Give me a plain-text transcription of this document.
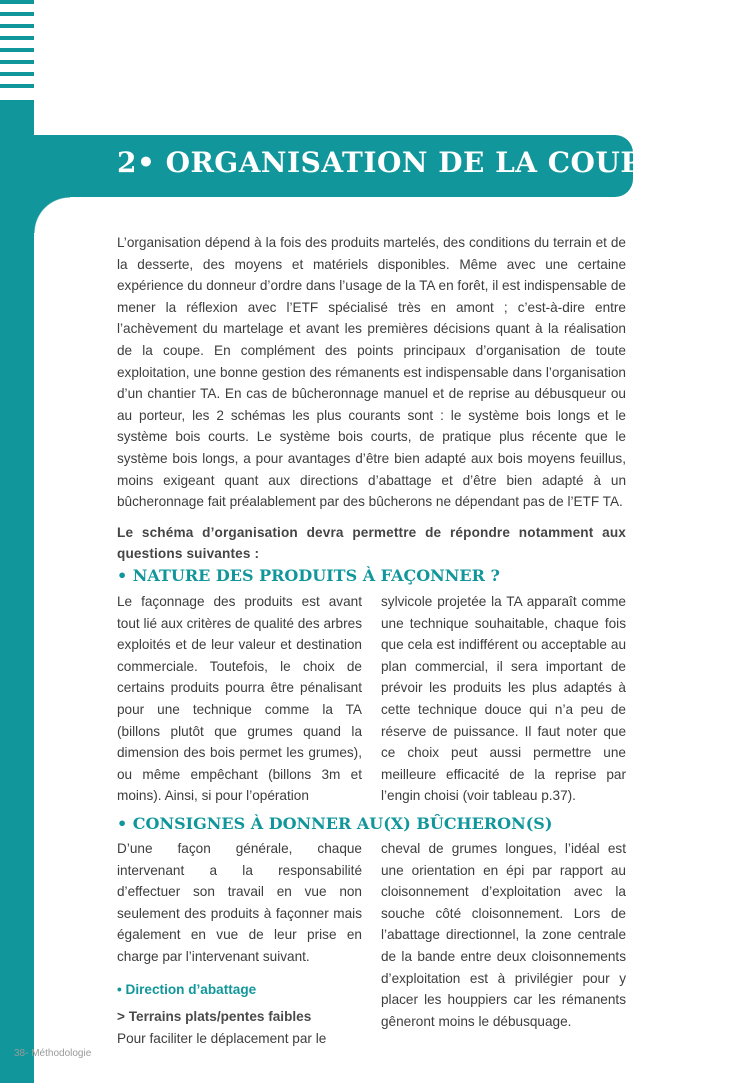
2• ORGANISATION DE LA COUPE

L’organisation dépend à la fois des produits martelés, des conditions du terrain et de la desserte, des moyens et matériels disponibles. Même avec une certaine expérience du donneur d’ordre dans l’usage de la TA en forêt, il est indispensable de mener la réflexion avec l’ETF spécialisé très en amont ; c’est-à-dire entre l’achèvement du martelage et avant les premières décisions quant à la réalisation de la coupe. En complément des points principaux d’organisation de toute exploitation, une bonne gestion des rémanents est indispensable dans l’organisation d’un chantier TA. En cas de bûcheronnage manuel et de reprise au débusqueur ou au porteur, les 2 schémas les plus courants sont : le système bois longs et le système bois courts. Le système bois courts, de pratique plus récente que le système bois longs, a pour avantages d’être bien adapté aux bois moyens feuillus, moins exigeant quant aux directions d’abattage et d’être bien adapté à un bûcheronnage fait préalablement par des bûcherons ne dépendant pas de l’ETF TA.

Le schéma d’organisation devra permettre de répondre notamment aux questions suivantes :

• NATURE DES PRODUITS À FAÇONNER ?

Le façonnage des produits est avant tout lié aux critères de qualité des arbres exploités et de leur valeur et destination commerciale. Toutefois, le choix de certains produits pourra être pénalisant pour une technique comme la TA (billons plutôt que grumes quand la dimension des bois permet les grumes), ou même empêchant (billons 3m et moins). Ainsi, si pour l’opération

sylvicole projetée la TA apparaît comme une technique souhaitable, chaque fois que cela est indifférent ou acceptable au plan commercial, il sera important de prévoir les produits les plus adaptés à cette technique douce qui n’a peu de réserve de puissance. Il faut noter que ce choix peut aussi permettre une meilleure efficacité de la reprise par l’engin choisi (voir tableau p.37).

• CONSIGNES À DONNER AU(X) BÛCHERON(S)

D’une façon générale, chaque intervenant a la responsabilité d’effectuer son travail en vue non seulement des produits à façonner mais également en vue de leur prise en charge par l’intervenant suivant.

• Direction d’abattage

> Terrains plats/pentes faibles

Pour faciliter le déplacement par le

cheval de grumes longues, l’idéal est une orientation en épi par rapport au cloisonnement d’exploitation avec la souche côté cloisonnement. Lors de l’abattage directionnel, la zone centrale de la bande entre deux cloisonnements d’exploitation est à privilégier pour y placer les houppiers car les rémanents gêneront moins le débusquage.

38- Méthodologie
